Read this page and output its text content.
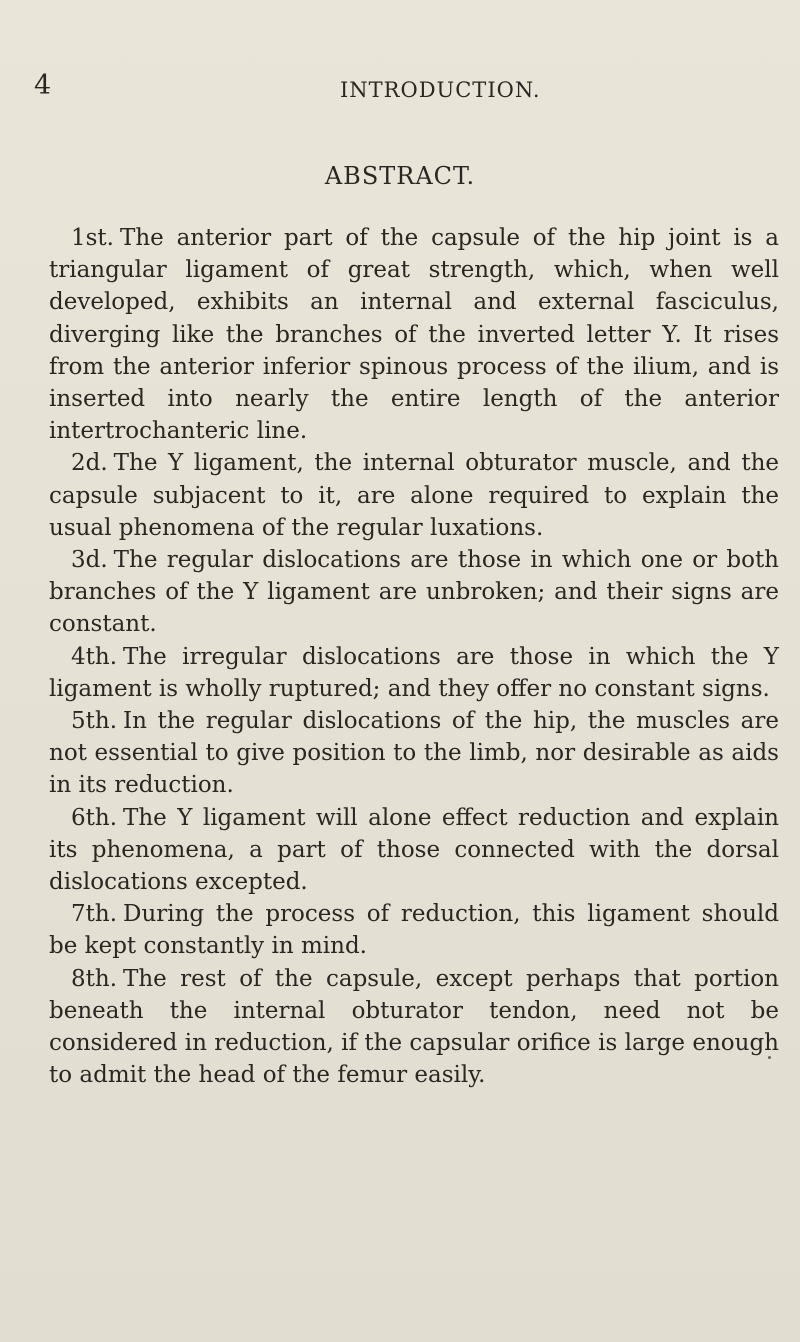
4	INTRODUCTION.
ABSTRACT.

1st. The anterior part of the capsule of the hip joint is a triangular ligament of great strength, which, when well developed, exhibits an internal and external fasciculus, diverging like the branches of the inverted letter Y. It rises from the anterior inferior spinous process of the ilium, and is inserted into nearly the entire length of the anterior intertrochanteric line.

2d. The Y ligament, the internal obturator muscle, and the capsule subjacent to it, are alone required to explain the usual phenomena of the regular luxations.

3d. The regular dislocations are those in which one or both branches of the Y ligament are unbroken; and their signs are constant.

4th. The irregular dislocations are those in which the Y ligament is wholly ruptured; and they offer no constant signs.

5th. In the regular dislocations of the hip, the muscles are not essential to give position to the limb, nor desirable as aids in its reduction.

6th. The Y ligament will alone effect reduction and explain its phenomena, a part of those connected with the dorsal dislocations excepted.

7th. During the process of reduction, this ligament should be kept constantly in mind.

8th. The rest of the capsule, except perhaps that portion beneath the internal obturator tendon, need not be considered in reduction, if the capsular orifice is large enough to admit the head of the femur easily.
